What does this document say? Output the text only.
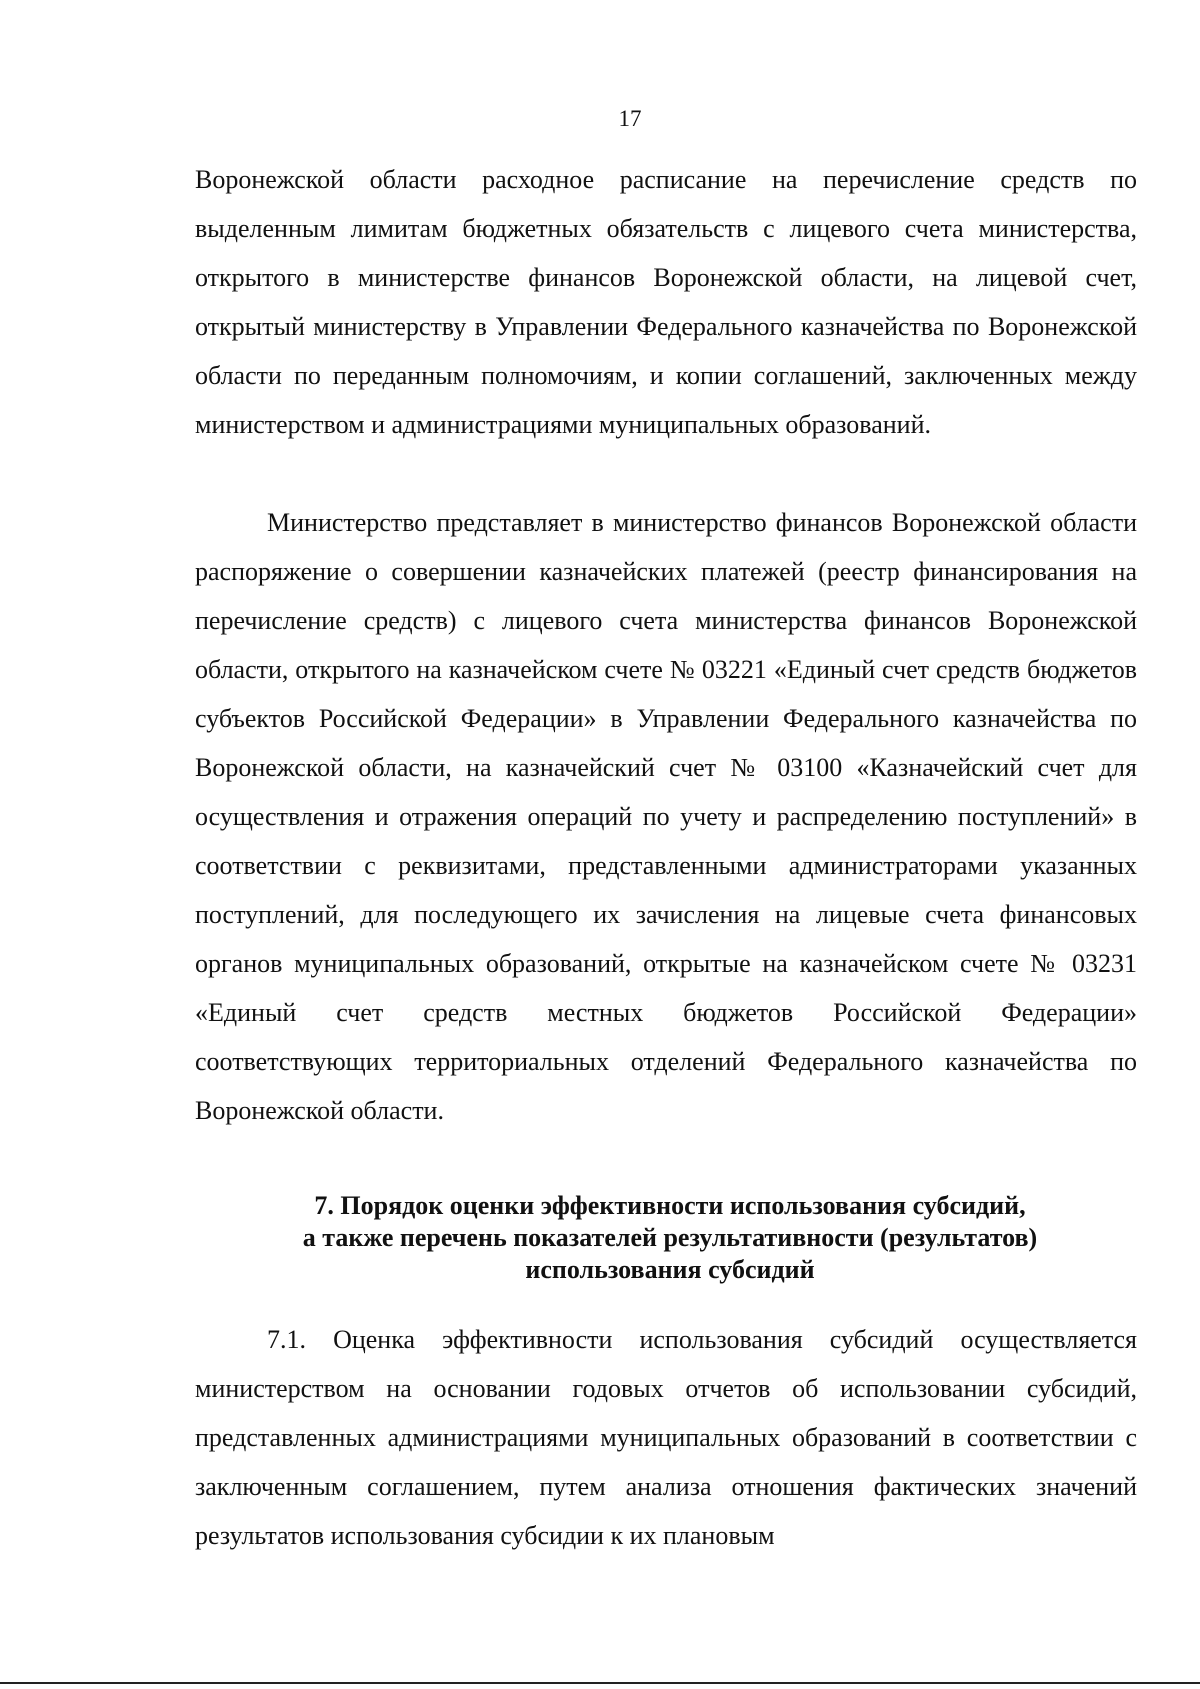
17

Воронежской области расходное расписание на перечисление средств по выделенным лимитам бюджетных обязательств с лицевого счета министерства, открытого в министерстве финансов Воронежской области, на лицевой счет, открытый министерству в Управлении Федерального казначейства по Воронежской области по переданным полномочиям, и копии соглашений, заключенных между министерством и администрациями муниципальных образований.

Министерство представляет в министерство финансов Воронежской области распоряжение о совершении казначейских платежей (реестр финансирования на перечисление средств) с лицевого счета министерства финансов Воронежской области, открытого на казначейском счете № 03221 «Единый счет средств бюджетов субъектов Российской Федерации» в Управлении Федерального казначейства по Воронежской области, на казначейский счет № 03100 «Казначейский счет для осуществления и отражения операций по учету и распределению поступлений» в соответствии с реквизитами, представленными администраторами указанных поступлений, для последующего их зачисления на лицевые счета финансовых органов муниципальных образований, открытые на казначейском счете № 03231 «Единый счет средств местных бюджетов Российской Федерации» соответствующих территориальных отделений Федерального казначейства по Воронежской области.

7. Порядок оценки эффективности использования субсидий,
а также перечень показателей результативности (результатов)
использования субсидий

7.1. Оценка эффективности использования субсидий осуществляется министерством на основании годовых отчетов об использовании субсидий, представленных администрациями муниципальных образований в соответствии с заключенным соглашением, путем анализа отношения фактических значений результатов использования субсидии к их плановым
